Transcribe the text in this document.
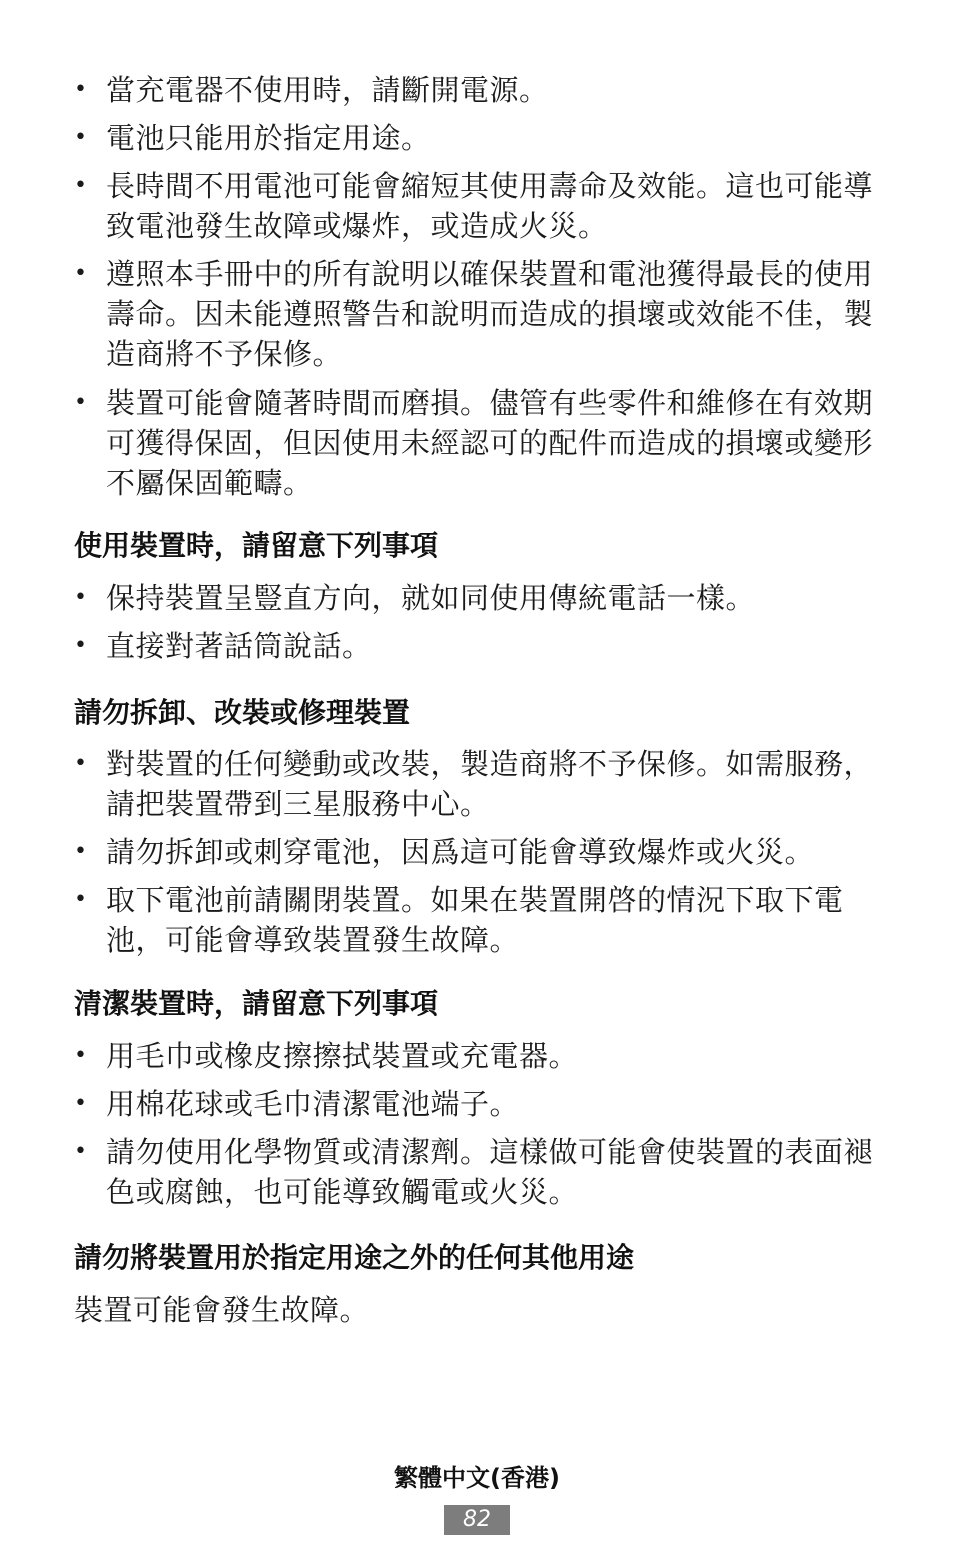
• 當充電器不使用時，請斷開電源。
• 電池只能用於指定用途。
• 長時間不用電池可能會縮短其使用壽命及效能。這也可能導致電池發生故障或爆炸，或造成火災。
• 遵照本手冊中的所有說明以確保裝置和電池獲得最長的使用壽命。因未能遵照警告和說明而造成的損壞或效能不佳，製造商將不予保修。
• 裝置可能會隨著時間而磨損。儘管有些零件和維修在有效期可獲得保固，但因使用未經認可的配件而造成的損壞或變形不屬保固範疇。
使用裝置時，請留意下列事項
• 保持裝置呈豎直方向，就如同使用傳統電話一樣。
• 直接對著話筒說話。
請勿拆卸、改裝或修理裝置
• 對裝置的任何變動或改裝，製造商將不予保修。如需服務，請把裝置帶到三星服務中心。
• 請勿拆卸或刺穿電池，因爲這可能會導致爆炸或火災。
• 取下電池前請關閉裝置。如果在裝置開啓的情況下取下電池，可能會導致裝置發生故障。
清潔裝置時，請留意下列事項
• 用毛巾或橡皮擦擦拭裝置或充電器。
• 用棉花球或毛巾清潔電池端子。
• 請勿使用化學物質或清潔劑。這樣做可能會使裝置的表面褪色或腐蝕，也可能導致觸電或火災。
請勿將裝置用於指定用途之外的任何其他用途
裝置可能會發生故障。
繁體中文(香港)
82
